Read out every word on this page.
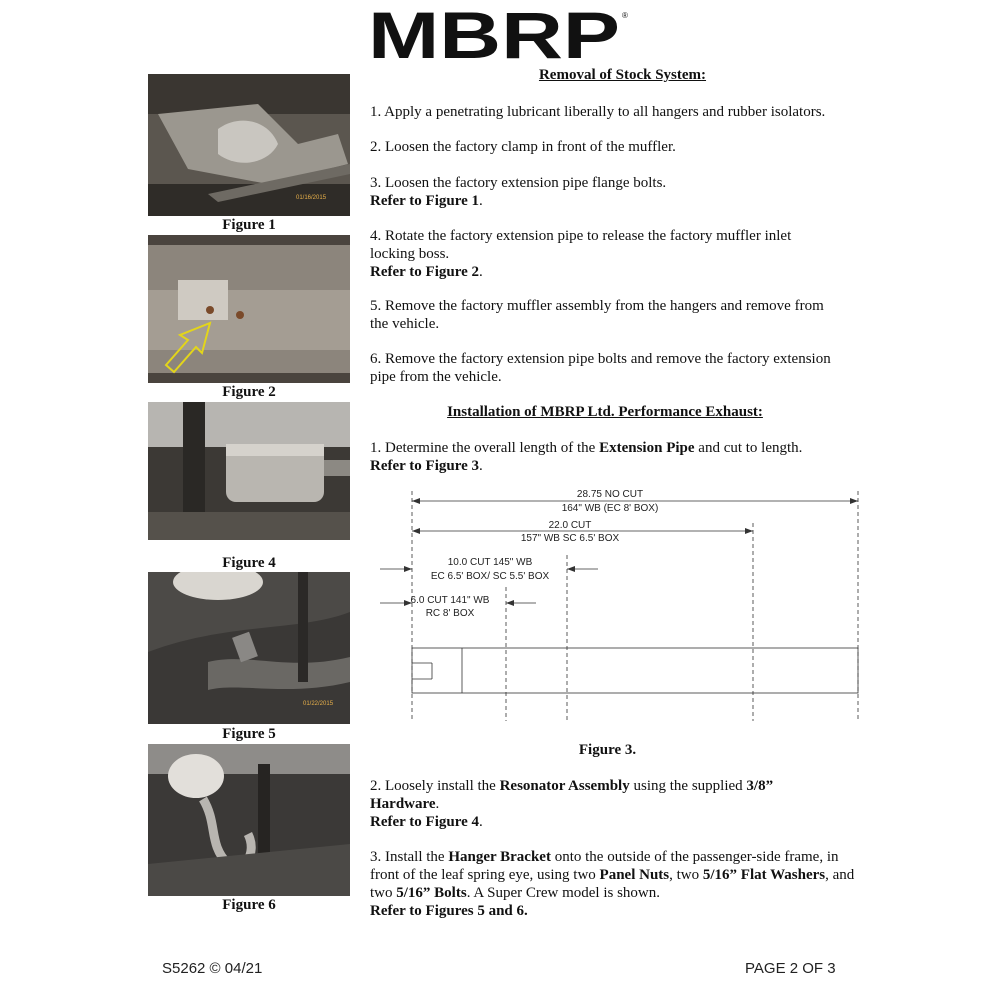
MBRP ®
01/16/2015
Figure 1
Figure 2
Figure 4
01/22/2015
Figure 5
Figure 6
Removal of Stock System:
1. Apply a penetrating lubricant liberally to all hangers and rubber isolators.
2. Loosen the factory clamp in front of the muffler.
3. Loosen the factory extension pipe flange bolts.
Refer to Figure 1.
4. Rotate the factory extension pipe to release the factory muffler inlet locking boss.
Refer to Figure 2.
5. Remove the factory muffler assembly from the hangers and remove from the vehicle.
6. Remove the factory extension pipe bolts and remove the factory extension pipe from the vehicle.
Installation of MBRP Ltd. Performance Exhaust:
1. Determine the overall length of the Extension Pipe and cut to length.
Refer to Figure 3.
28.75 NO CUT
164" WB (EC 8' BOX)
22.0 CUT
157" WB SC 6.5' BOX
10.0 CUT 145" WB
EC 6.5' BOX/ SC 5.5' BOX
6.0 CUT 141" WB
RC 8' BOX
Figure 3.
2. Loosely install the Resonator Assembly using the supplied 3/8” Hardware.
Refer to Figure 4.
3. Install the Hanger Bracket onto the outside of the passenger-side frame, in front of the leaf spring eye, using two Panel Nuts, two 5/16” Flat Washers, and two 5/16” Bolts. A Super Crew model is shown.
Refer to Figures 5 and 6.
S5262 © 04/21	PAGE 2 OF 3
